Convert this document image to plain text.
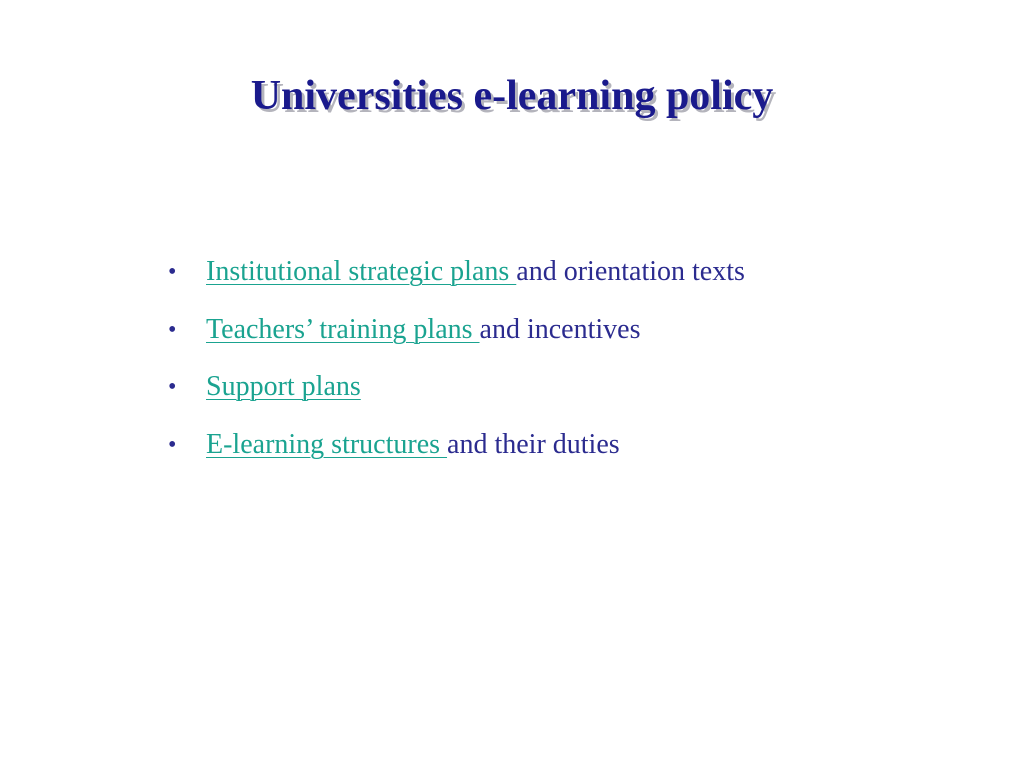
Universities e-learning policy
•	Institutional strategic plans and orientation texts
•	Teachers’ training plans and incentives
•	Support plans
•	E-learning structures and their duties
